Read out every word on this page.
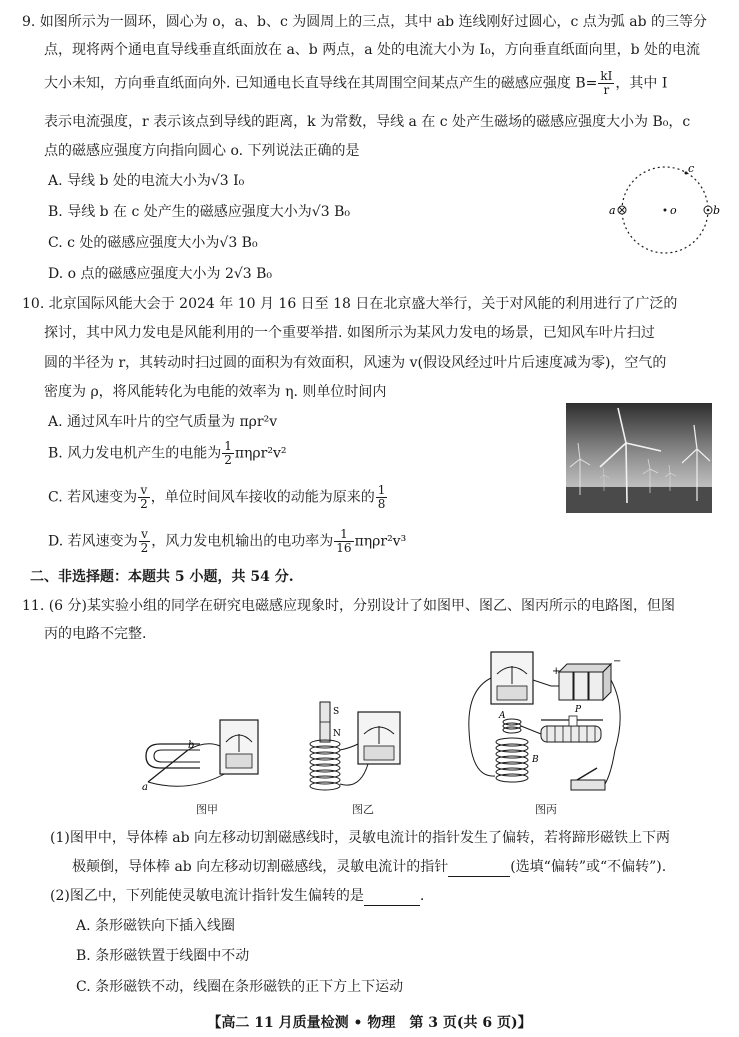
9. 如图所示为一圆环，圆心为 o，a、b、c 为圆周上的三点，其中 ab 连线刚好过圆心，c 点为弧 ab 的三等分
点，现将两个通电直导线垂直纸面放在 a、b 两点，a 处的电流大小为 I₀，方向垂直纸面向里，b 处的电流
大小未知，方向垂直纸面向外. 已知通电长直导线在其周围空间某点产生的磁感应强度 $B= \frac{kI}{r}$ ，其中 I
表示电流强度，r 表示该点到导线的距离，k 为常数，导线 a 在 c 处产生磁场的磁感应强度大小为 B₀，c
点的磁感应强度方向指向圆心 o. 下列说法正确的是
A. 导线 b 处的电流大小为√3 I₀
B. 导线 b 在 c 处产生的磁感应强度大小为√3 B₀
C. c 处的磁感应强度大小为√3 B₀
D. o 点的磁感应强度大小为 2√3 B₀
a	o	b
c
10. 北京国际风能大会于 2024 年 10 月 16 日至 18 日在北京盛大举行，关于对风能的利用进行了广泛的
探讨，其中风力发电是风能利用的一个重要举措. 如图所示为某风力发电的场景，已知风车叶片扫过
圆的半径为 r，其转动时扫过圆的面积为有效面积，风速为 v(假设风经过叶片后速度减为零)，空气的
密度为 ρ，将风能转化为电能的效率为 η. 则单位时间内
A. 通过风车叶片的空气质量为 πρr²v
B. 风力发电机产生的电能为 $\frac{1}{2} \pi\eta\rho r^2v^2$
C. 若风速变为 $\frac{v}{2}$ ，单位时间风车接收的动能为原来的 $\frac{1}{8}$
D. 若风速变为 $\frac{v}{2}$ ，风力发电机输出的电功率为 $\frac{1}{16} \pi\eta\rho r^2v^3$
二、非选择题：本题共 5 小题，共 54 分.
11. (6 分)某实验小组的同学在研究电磁感应现象时，分别设计了如图甲、图乙、图丙所示的电路图，但图
丙的电路不完整.
a
b
图甲
S
N
图乙
+
−
A
B
P
图丙
(1)图甲中，导体棒 ab 向左移动切割磁感线时，灵敏电流计的指针发生了偏转，若将蹄形磁铁上下两
极颠倒，导体棒 ab 向左移动切割磁感线，灵敏电流计的指针	(选填“偏转”或“不偏转”).
(2)图乙中，下列能使灵敏电流计指针发生偏转的是	.
A. 条形磁铁向下插入线圈
B. 条形磁铁置于线圈中不动
C. 条形磁铁不动，线圈在条形磁铁的正下方上下运动
【高二 11 月质量检测 • 物理　第 3 页(共 6 页)】
